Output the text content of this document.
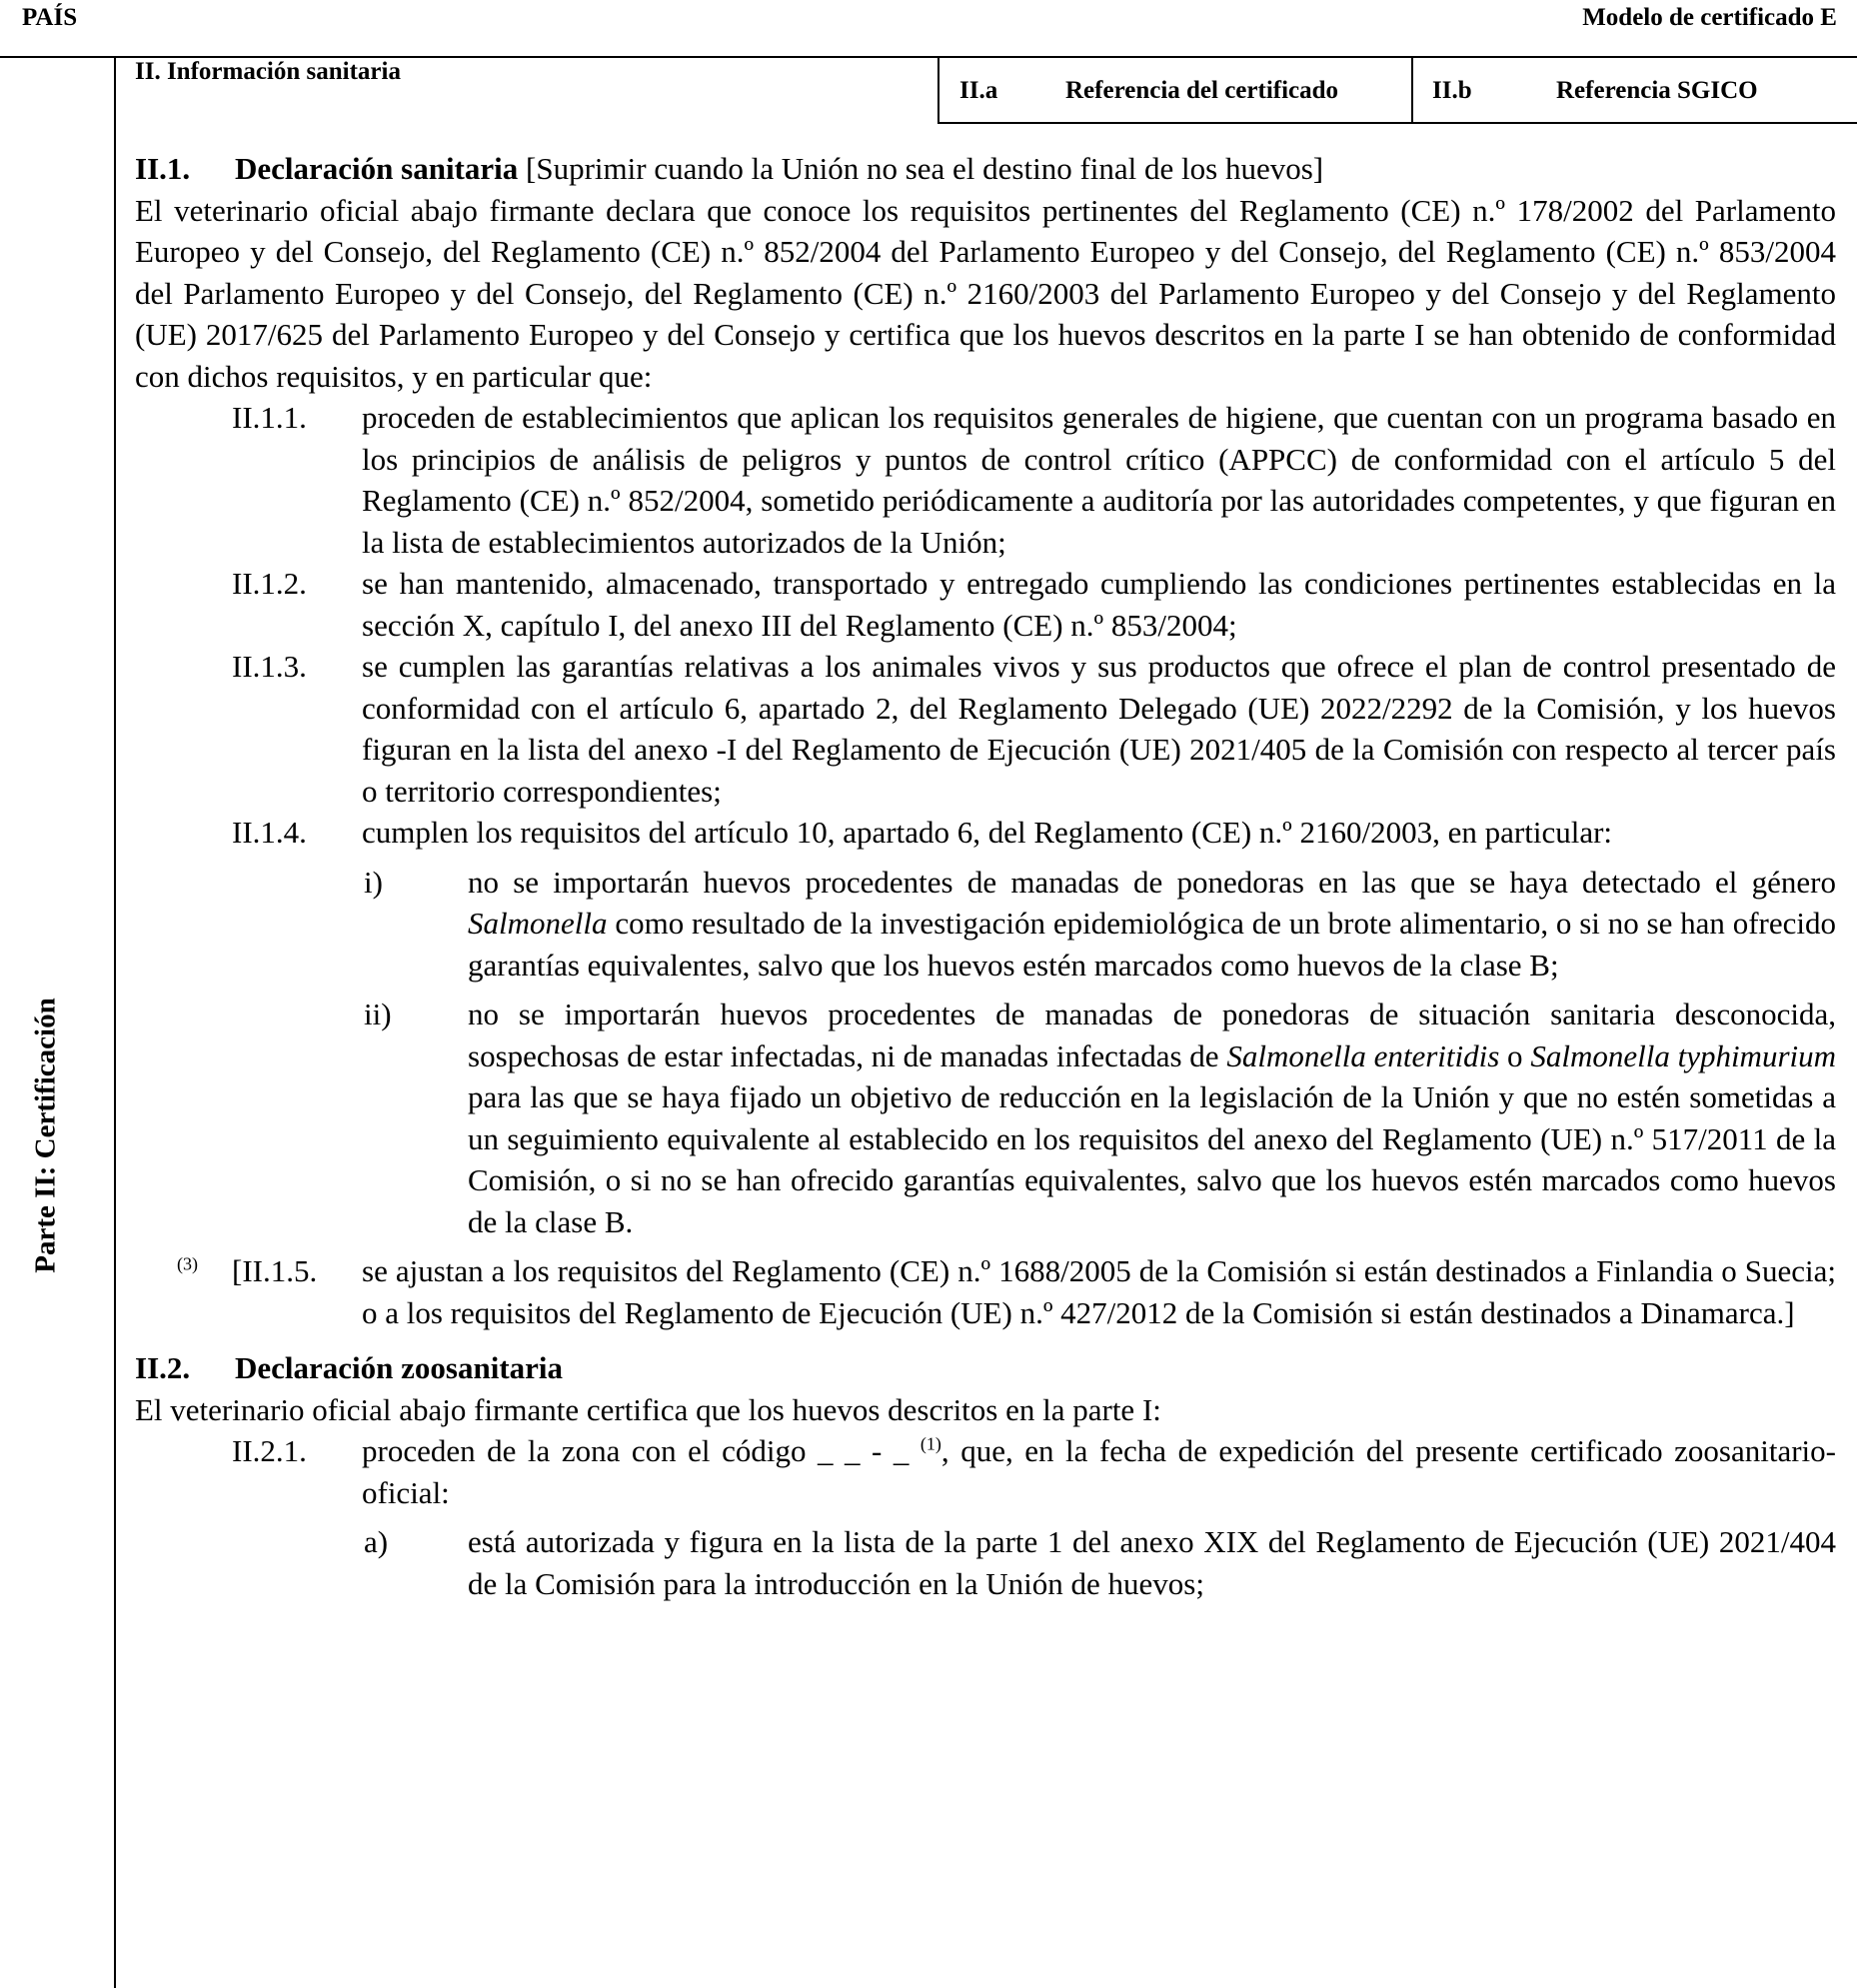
PAÍS	Modelo de certificado E
Parte II: Certificación
II. Información sanitaria
II.a	Referencia del certificado	II.b	Referencia SGICO

II.1. Declaración sanitaria [Suprimir cuando la Unión no sea el destino final de los huevos]

El veterinario oficial abajo firmante declara que conoce los requisitos pertinentes del Reglamento (CE) n.º 178/2002 del Parlamento Europeo y del Consejo, del Reglamento (CE) n.º 852/2004 del Parlamento Europeo y del Consejo, del Reglamento (CE) n.º 853/2004 del Parlamento Europeo y del Consejo, del Reglamento (CE) n.º 2160/2003 del Parlamento Europeo y del Consejo y del Reglamento (UE) 2017/625 del Parlamento Europeo y del Consejo y certifica que los huevos descritos en la parte I se han obtenido de conformidad con dichos requisitos, y en particular que:

II.1.1.	proceden de establecimientos que aplican los requisitos generales de higiene, que cuentan con un programa basado en los principios de análisis de peligros y puntos de control crítico (APPCC) de conformidad con el artículo 5 del Reglamento (CE) n.º 852/2004, sometido periódicamente a auditoría por las autoridades competentes, y que figuran en la lista de establecimientos autorizados de la Unión;
II.1.2.	se han mantenido, almacenado, transportado y entregado cumpliendo las condiciones pertinentes establecidas en la sección X, capítulo I, del anexo III del Reglamento (CE) n.º 853/2004;
II.1.3.	se cumplen las garantías relativas a los animales vivos y sus productos que ofrece el plan de control presentado de conformidad con el artículo 6, apartado 2, del Reglamento Delegado (UE) 2022/2292 de la Comisión, y los huevos figuran en la lista del anexo -I del Reglamento de Ejecución (UE) 2021/405 de la Comisión con respecto al tercer país o territorio correspondientes;
II.1.4.	cumplen los requisitos del artículo 10, apartado 6, del Reglamento (CE) n.º 2160/2003, en particular:
i)	no se importarán huevos procedentes de manadas de ponedoras en las que se haya detectado el género Salmonella como resultado de la investigación epidemiológica de un brote alimentario, o si no se han ofrecido garantías equivalentes, salvo que los huevos estén marcados como huevos de la clase B;
ii)	no se importarán huevos procedentes de manadas de ponedoras de situación sanitaria desconocida, sospechosas de estar infectadas, ni de manadas infectadas de Salmonella enteritidis o Salmonella typhimurium para las que se haya fijado un objetivo de reducción en la legislación de la Unión y que no estén sometidas a un seguimiento equivalente al establecido en los requisitos del anexo del Reglamento (UE) n.º 517/2011 de la Comisión, o si no se han ofrecido garantías equivalentes, salvo que los huevos estén marcados como huevos de la clase B.
$^{(3)}$	[II.1.5.	se ajustan a los requisitos del Reglamento (CE) n.º 1688/2005 de la Comisión si están destinados a Finlandia o Suecia; o a los requisitos del Reglamento de Ejecución (UE) n.º 427/2012 de la Comisión si están destinados a Dinamarca.]

II.2. Declaración zoosanitaria

El veterinario oficial abajo firmante certifica que los huevos descritos en la parte I:

II.2.1.	proceden de la zona con el código _ _ - _ $^{(1)}$, que, en la fecha de expedición del presente certificado zoosanitario-oficial:
a)	está autorizada y figura en la lista de la parte 1 del anexo XIX del Reglamento de Ejecución (UE) 2021/404 de la Comisión para la introducción en la Unión de huevos;
